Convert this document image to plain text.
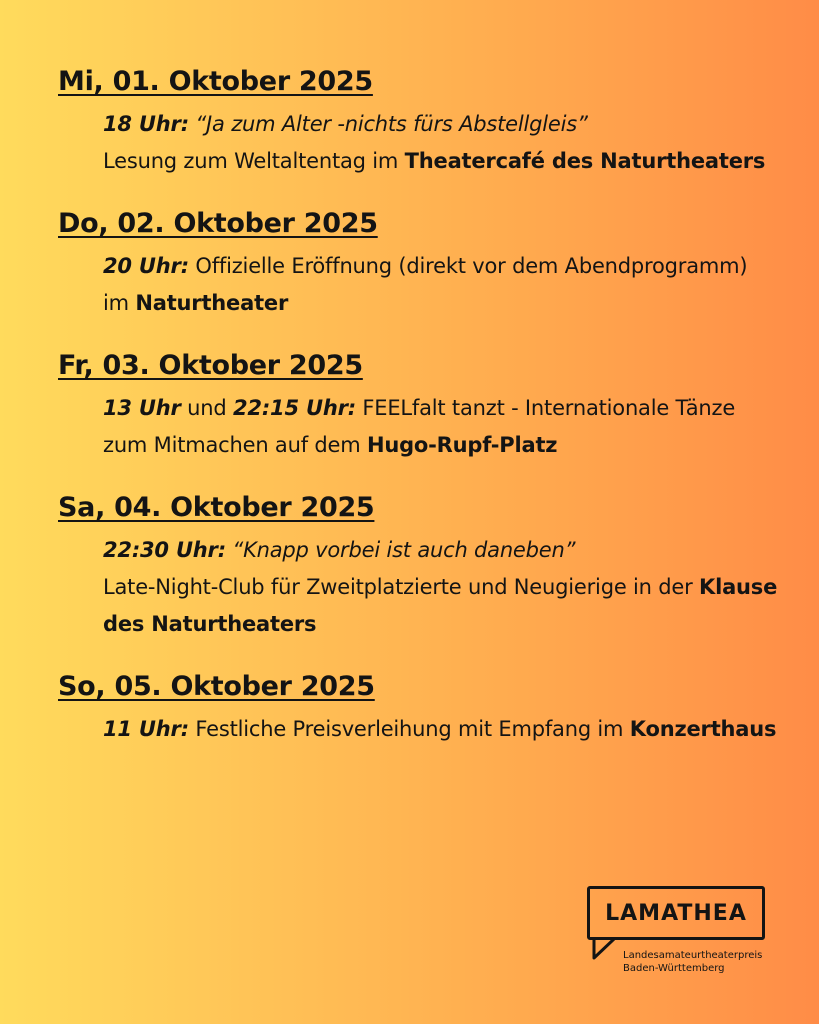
Mi, 01. Oktober 2025
18 Uhr: “Ja zum Alter -nichts fürs Abstellgleis”
Lesung zum Weltaltentag im Theatercafé des Naturtheaters
Do, 02. Oktober 2025
20 Uhr: Offizielle Eröffnung (direkt vor dem Abendprogramm) im Naturtheater
Fr, 03. Oktober 2025
13 Uhr und 22:15 Uhr: FEELfalt tanzt - Internationale Tänze zum Mitmachen auf dem Hugo-Rupf-Platz
Sa, 04. Oktober 2025
22:30 Uhr: “Knapp vorbei ist auch daneben”
Late-Night-Club für Zweitplatzierte und Neugierige in der Klause des Naturtheaters
So, 05. Oktober 2025
11 Uhr: Festliche Preisverleihung mit Empfang im Konzerthaus
LAMATHEA
Landesamateurtheaterpreis
Baden-Württemberg
